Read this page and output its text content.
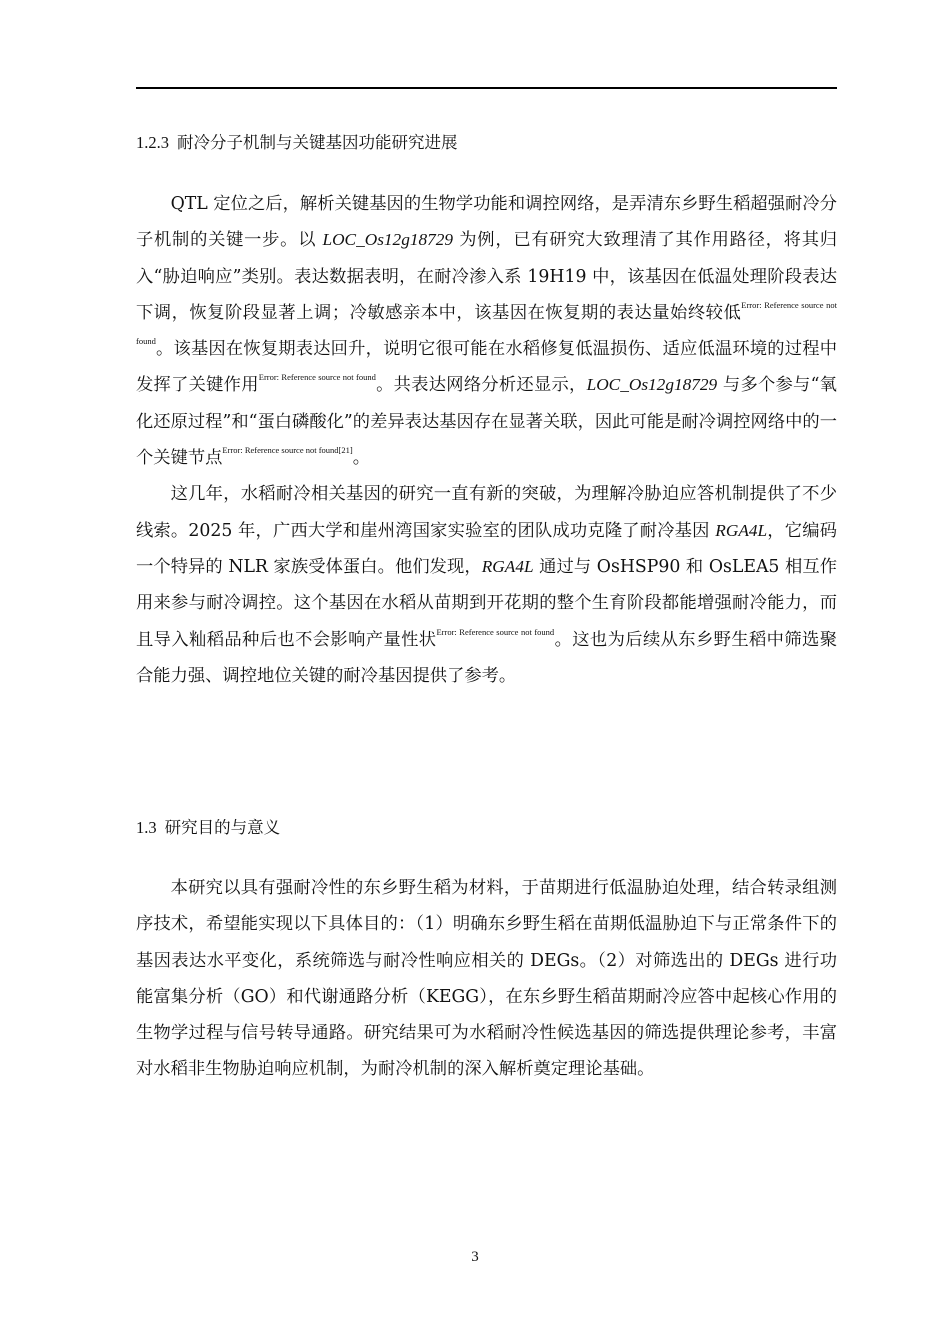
1.2.3 耐冷分子机制与关键基因功能研究进展

QTL 定位之后，解析关键基因的生物学功能和调控网络，是弄清东乡野生稻超强耐冷分子机制的关键一步。以 LOC_Os12g18729 为例，已有研究大致理清了其作用路径，将其归入“胁迫响应”类别。表达数据表明，在耐冷渗入系 19H19 中，该基因在低温处理阶段表达下调，恢复阶段显著上调；冷敏感亲本中，该基因在恢复期的表达量始终较低$^{Error: Reference source not found}$。该基因在恢复期表达回升，说明它很可能在水稻修复低温损伤、适应低温环境的过程中发挥了关键作用$^{Error: Reference source not found}$。共表达网络分析还显示，LOC_Os12g18729 与多个参与“氧化还原过程”和“蛋白磷酸化”的差异表达基因存在显著关联，因此可能是耐冷调控网络中的一个关键节点$^{Error: Reference source not found[21]}$。

这几年，水稻耐冷相关基因的研究一直有新的突破，为理解冷胁迫应答机制提供了不少线索。2025 年，广西大学和崖州湾国家实验室的团队成功克隆了耐冷基因 RGA4L，它编码一个特异的 NLR 家族受体蛋白。他们发现，RGA4L 通过与 OsHSP90 和 OsLEA5 相互作用来参与耐冷调控。这个基因在水稻从苗期到开花期的整个生育阶段都能增强耐冷能力，而且导入籼稻品种后也不会影响产量性状$^{Error: Reference source not found}$。这也为后续从东乡野生稻中筛选聚合能力强、调控地位关键的耐冷基因提供了参考。

1.3 研究目的与意义

本研究以具有强耐冷性的东乡野生稻为材料，于苗期进行低温胁迫处理，结合转录组测序技术，希望能实现以下具体目的：（1）明确东乡野生稻在苗期低温胁迫下与正常条件下的基因表达水平变化，系统筛选与耐冷性响应相关的 DEGs。（2）对筛选出的 DEGs 进行功能富集分析（GO）和代谢通路分析（KEGG），在东乡野生稻苗期耐冷应答中起核心作用的生物学过程与信号转导通路。研究结果可为水稻耐冷性候选基因的筛选提供理论参考，丰富对水稻非生物胁迫响应机制，为耐冷机制的深入解析奠定理论基础。

3
